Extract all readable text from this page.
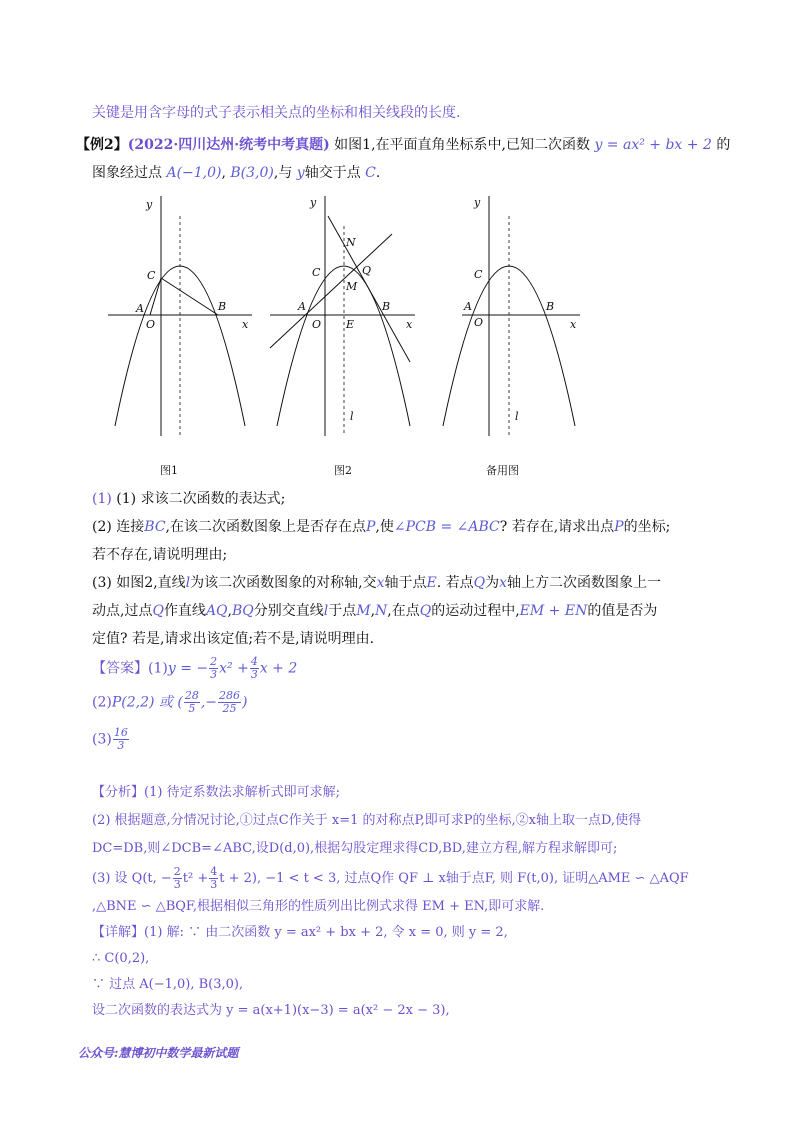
关键是用含字母的式子表示相关点的坐标和相关线段的长度.
【例2】(2022·四川达州·统考中考真题) 如图1,在平面直角坐标系中,已知二次函数 y = ax² + bx + 2 的
图象经过点 A(−1,0), B(3,0),与 y轴交于点 C.
y
x
O
A	B
C
y
x
O
A	B
C
N
Q
M
E
l
y
x
O
A	B
C
l
图1	图2	备用图
(1) (1) 求该二次函数的表达式;
(2) 连接BC,在该二次函数图象上是否存在点P,使∠PCB = ∠ABC? 若存在,请求出点P的坐标;
若不存在,请说明理由;
(3) 如图2,直线l为该二次函数图象的对称轴,交x轴于点E. 若点Q为x轴上方二次函数图象上一
动点,过点Q作直线AQ,BQ分别交直线l于点M,N,在点Q的运动过程中,EM + EN的值是否为
定值? 若是,请求出该定值;若不是,请说明理由.
【答案】(1)y = − $\frac{2}{3} x^2 + \frac{4}{3}$ x + 2
(2)P(2,2) 或 ( $\frac{28}{5}$ ,− $\frac{286}{25}$ )
$(3) \frac{16}{3}$
【分析】(1) 待定系数法求解析式即可求解;
(2) 根据题意,分情况讨论,①过点C作关于 x=1 的对称点P,即可求P的坐标,②x轴上取一点D,使得
DC=DB,则∠DCB=∠ABC,设D(d,0),根据勾股定理求得CD,BD,建立方程,解方程求解即可;
(3) 设 Q(t, − $\frac{2}{3} t^2 + \frac{4}{3}$ t + 2), −1 < t < 3, 过点Q作 QF ⊥ x轴于点F, 则 F(t,0), 证明△AME ∽ △AQF
,△BNE ∽ △BQF,根据相似三角形的性质列出比例式求得 EM + EN,即可求解.
【详解】(1) 解: ∵ 由二次函数 y = ax² + bx + 2, 令 x = 0, 则 y = 2,
∴ C(0,2),
∵ 过点 A(−1,0), B(3,0),
设二次函数的表达式为 y = a(x+1)(x−3) = a(x² − 2x − 3),
公众号:慧博初中数学最新试题
